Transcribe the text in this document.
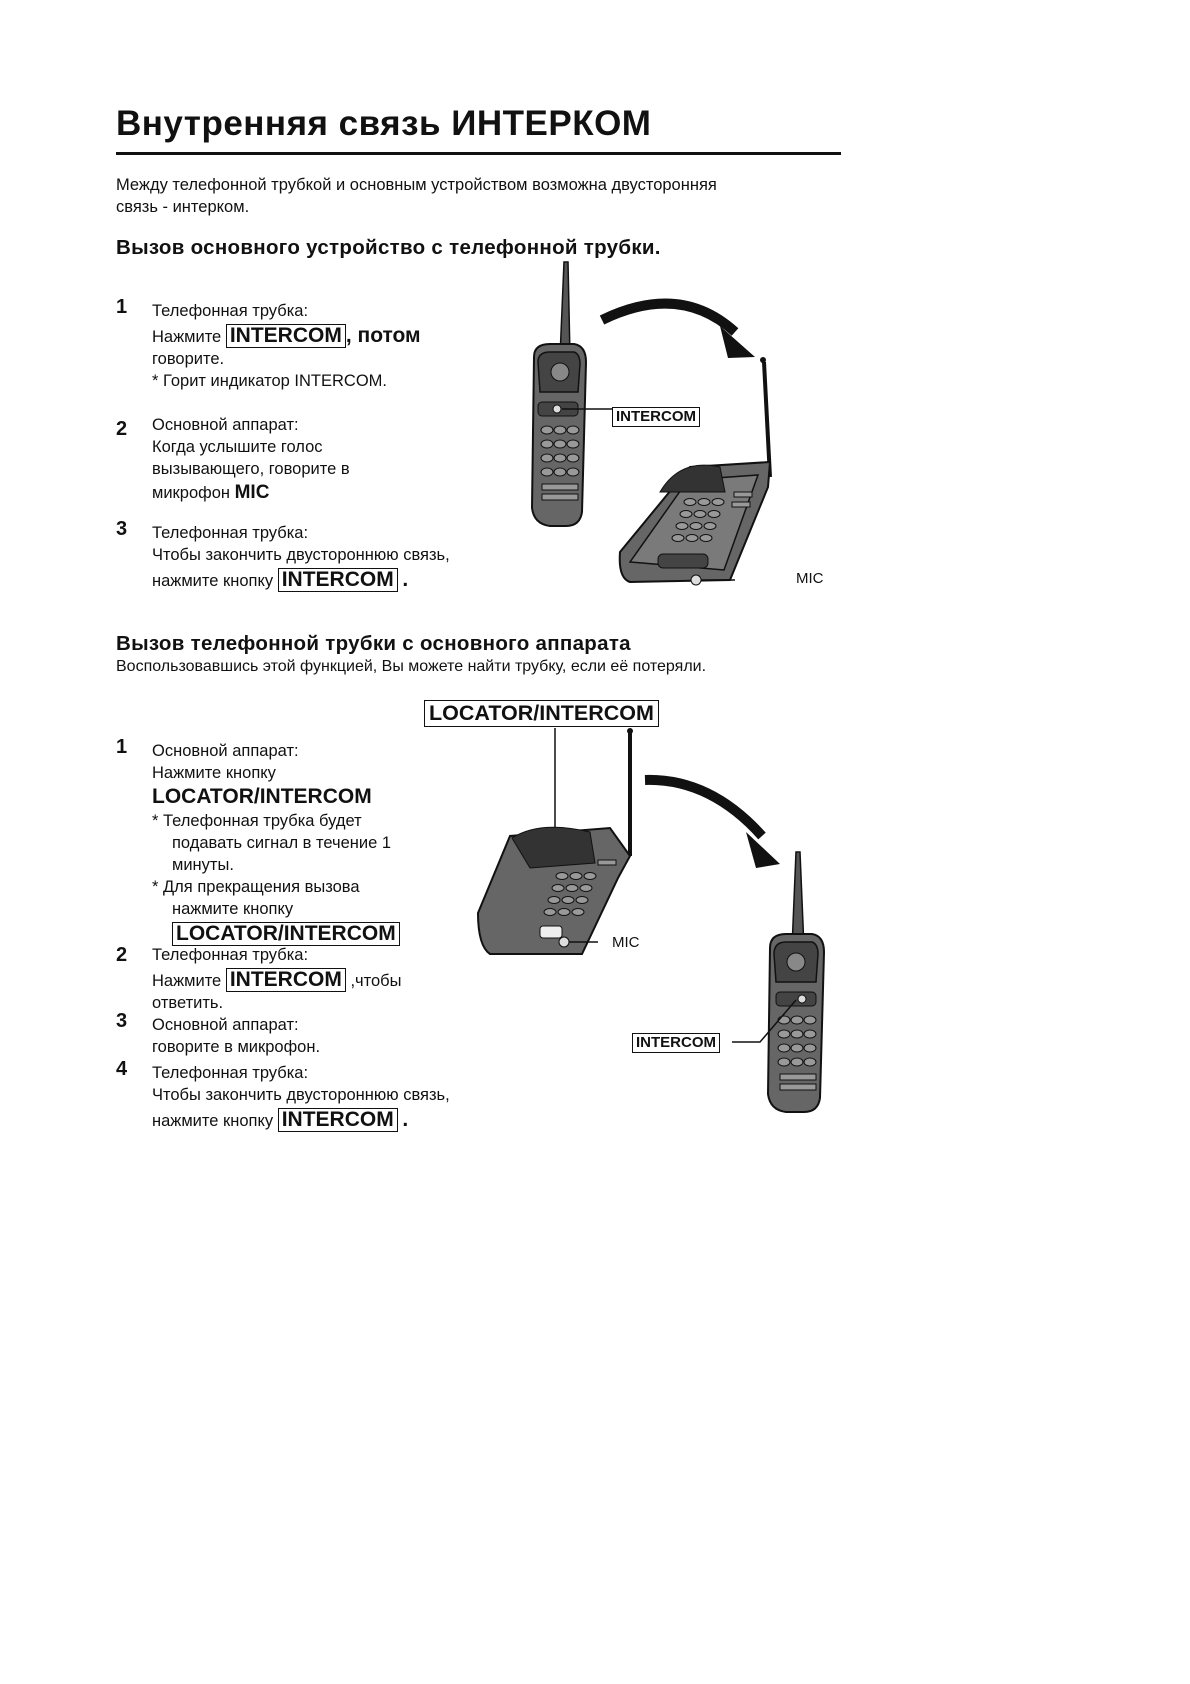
Внутренняя связь ИНТЕРКОМ
Между телефонной трубкой и основным устройством возможна двусторонняя связь - интерком.
Вызов основного устройство с телефонной трубки.
1 Телефонная трубка:
Нажмите INTERCOM , потом
говорите.
* Горит индикатор INTERCOM.
2 Основной аппарат:
Когда услышите голос
вызывающего, говорите в
микрофон MIC
3 Телефонная трубка:
Чтобы закончить двустороннюю связь,
нажмите кнопку INTERCOM .
INTERCOM
MIC
Вызов телефонной трубки с основного аппарата
Воспользовавшись этой функцией, Вы можете найти трубку, если её потеряли.
LOCATOR/INTERCOM
1 Основной аппарат:
Нажмите кнопку
LOCATOR/INTERCOM
* Телефонная трубка будет
подавать сигнал в течение 1
минуты.
* Для прекращения вызова
нажмите кнопку
LOCATOR/INTERCOM
2 Телефонная трубка:
Нажмите INTERCOM ,чтобы
ответить.
3 Основной аппарат:
говорите в микрофон.
4 Телефонная трубка:
Чтобы закончить двустороннюю связь,
нажмите кнопку INTERCOM .
MIC
INTERCOM
